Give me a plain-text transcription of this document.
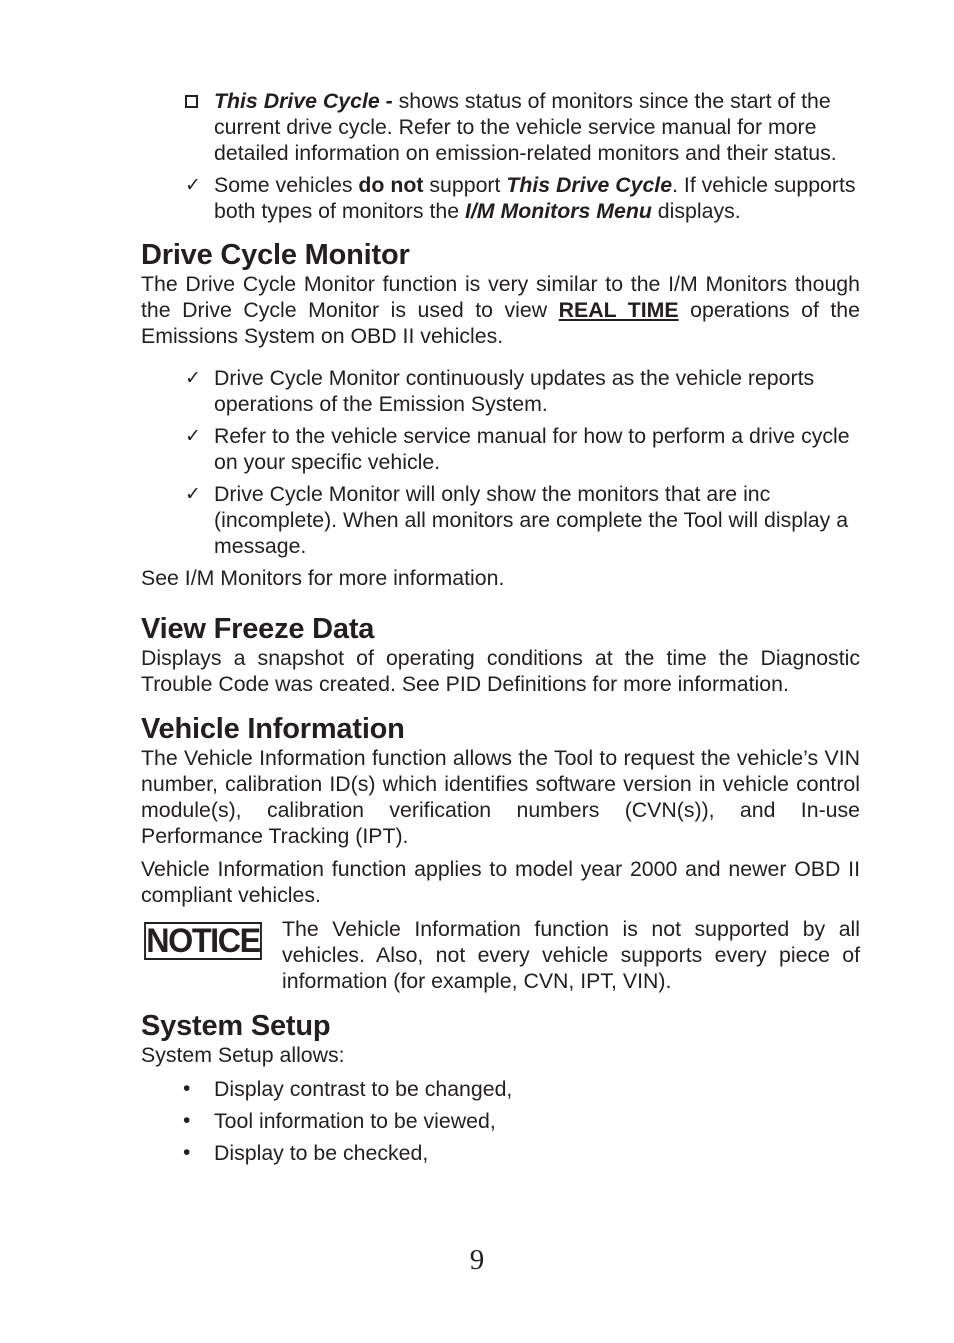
This Drive Cycle - shows status of monitors since the start of the current drive cycle. Refer to the vehicle service manual for more detailed information on emission-related monitors and their status.
✓ Some vehicles do not support This Drive Cycle. If vehicle supports both types of monitors the I/M Monitors Menu displays.
Drive Cycle Monitor

The Drive Cycle Monitor function is very similar to the I/M Monitors though the Drive Cycle Monitor is used to view REAL TIME operations of the Emissions System on OBD II vehicles.

✓ Drive Cycle Monitor continuously updates as the vehicle reports operations of the Emission System.
✓ Refer to the vehicle service manual for how to perform a drive cycle on your specific vehicle.
✓ Drive Cycle Monitor will only show the monitors that are inc (incomplete). When all monitors are complete the Tool will display a message.

See I/M Monitors for more information.

View Freeze Data

Displays a snapshot of operating conditions at the time the Diagnostic Trouble Code was created. See PID Definitions for more information.

Vehicle Information

The Vehicle Information function allows the Tool to request the vehicle’s VIN number, calibration ID(s) which identifies software version in vehicle control module(s), calibration verification numbers (CVN(s)), and In-use Performance Tracking (IPT).

Vehicle Information function applies to model year 2000 and newer OBD II compliant vehicles.

NOTICE The Vehicle Information function is not supported by all vehicles. Also, not every vehicle supports every piece of information (for example, CVN, IPT, VIN).

System Setup

System Setup allows:

•	Display contrast to be changed,
•	Tool information to be viewed,
•	Display to be checked,
9
